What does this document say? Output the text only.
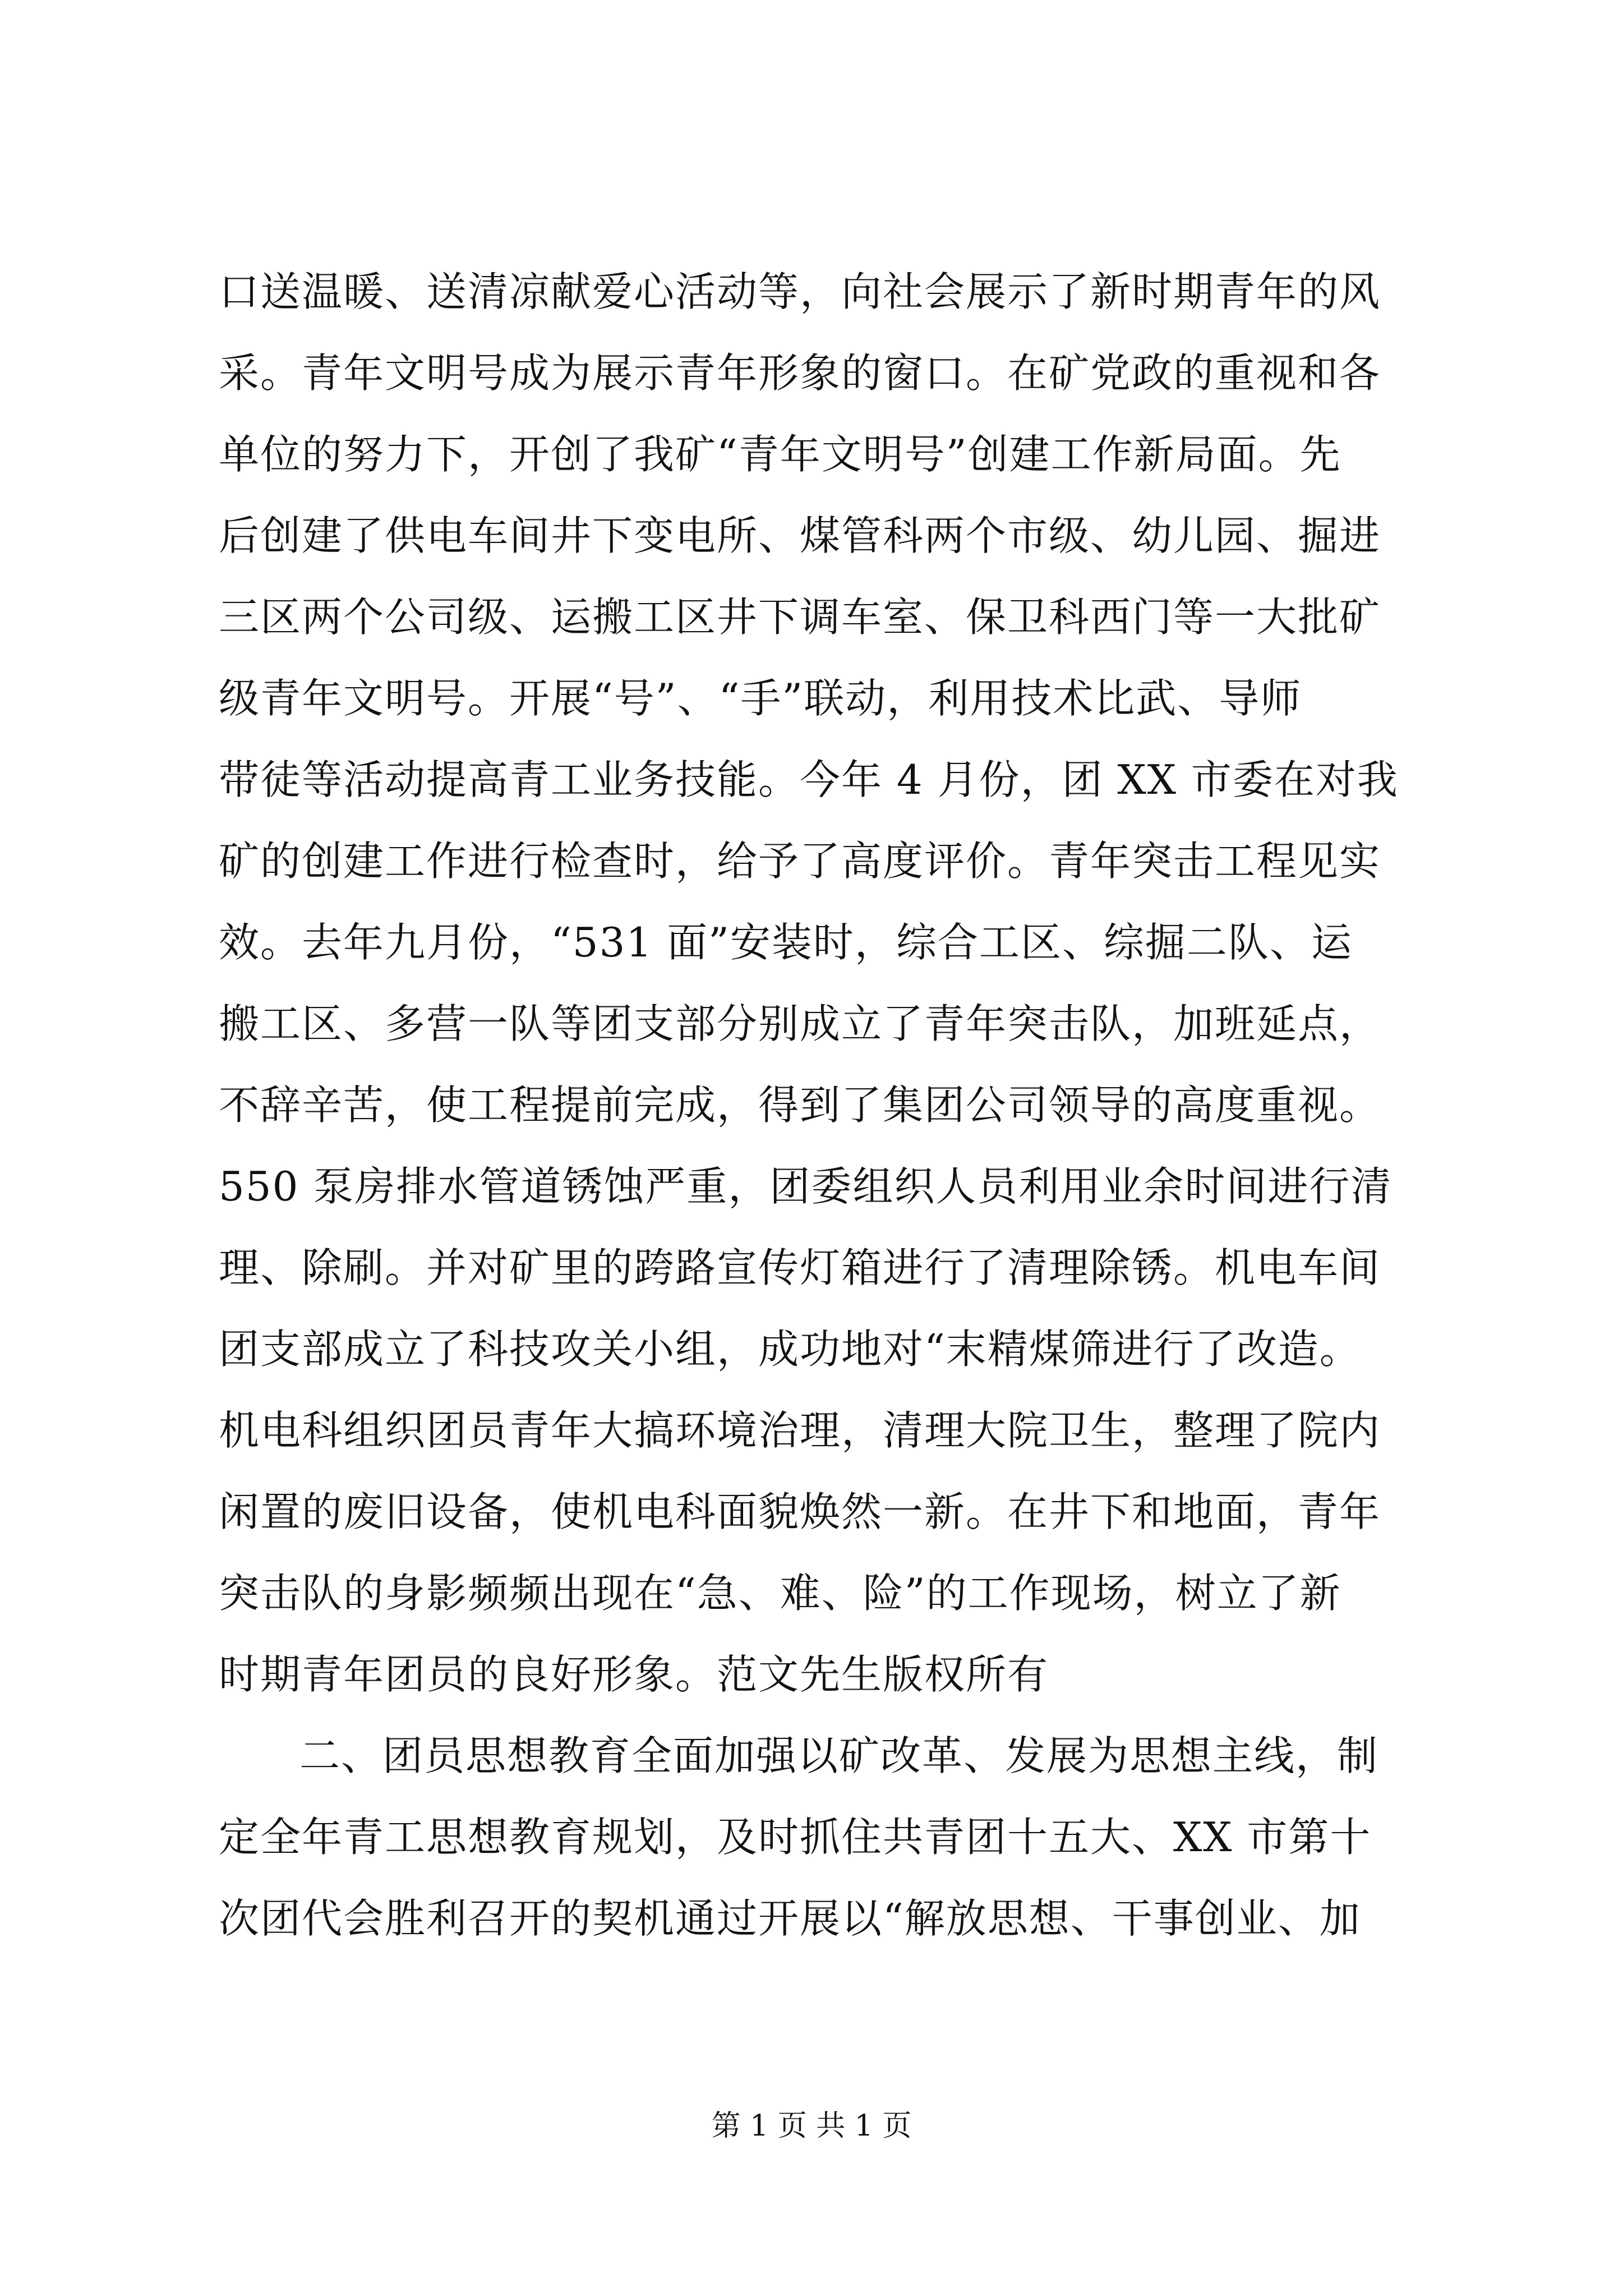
口送温暖、送清凉献爱心活动等，向社会展示了新时期青年的风
采。青年文明号成为展示青年形象的窗口。在矿党政的重视和各
单位的努力下，开创了我矿“青年文明号”创建工作新局面。先
后创建了供电车间井下变电所、煤管科两个市级、幼儿园、掘进
三区两个公司级、运搬工区井下调车室、保卫科西门等一大批矿
级青年文明号。开展“号”、“手”联动，利用技术比武、导师
带徒等活动提高青工业务技能。今年 4 月份，团 XX 市委在对我
矿的创建工作进行检查时，给予了高度评价。青年突击工程见实
效。去年九月份，“531 面”安装时，综合工区、综掘二队、运
搬工区、多营一队等团支部分别成立了青年突击队，加班延点，
不辞辛苦，使工程提前完成，得到了集团公司领导的高度重视。
550 泵房排水管道锈蚀严重，团委组织人员利用业余时间进行清
理、除刷。并对矿里的跨路宣传灯箱进行了清理除锈。机电车间
团支部成立了科技攻关小组，成功地对“末精煤筛进行了改造。
机电科组织团员青年大搞环境治理，清理大院卫生，整理了院内
闲置的废旧设备，使机电科面貌焕然一新。在井下和地面，青年
突击队的身影频频出现在“急、难、险”的工作现场，树立了新
时期青年团员的良好形象。范文先生版权所有
二、团员思想教育全面加强以矿改革、发展为思想主线，制
定全年青工思想教育规划，及时抓住共青团十五大、XX 市第十
次团代会胜利召开的契机通过开展以“解放思想、干事创业、加
第 1 页 共 1 页
